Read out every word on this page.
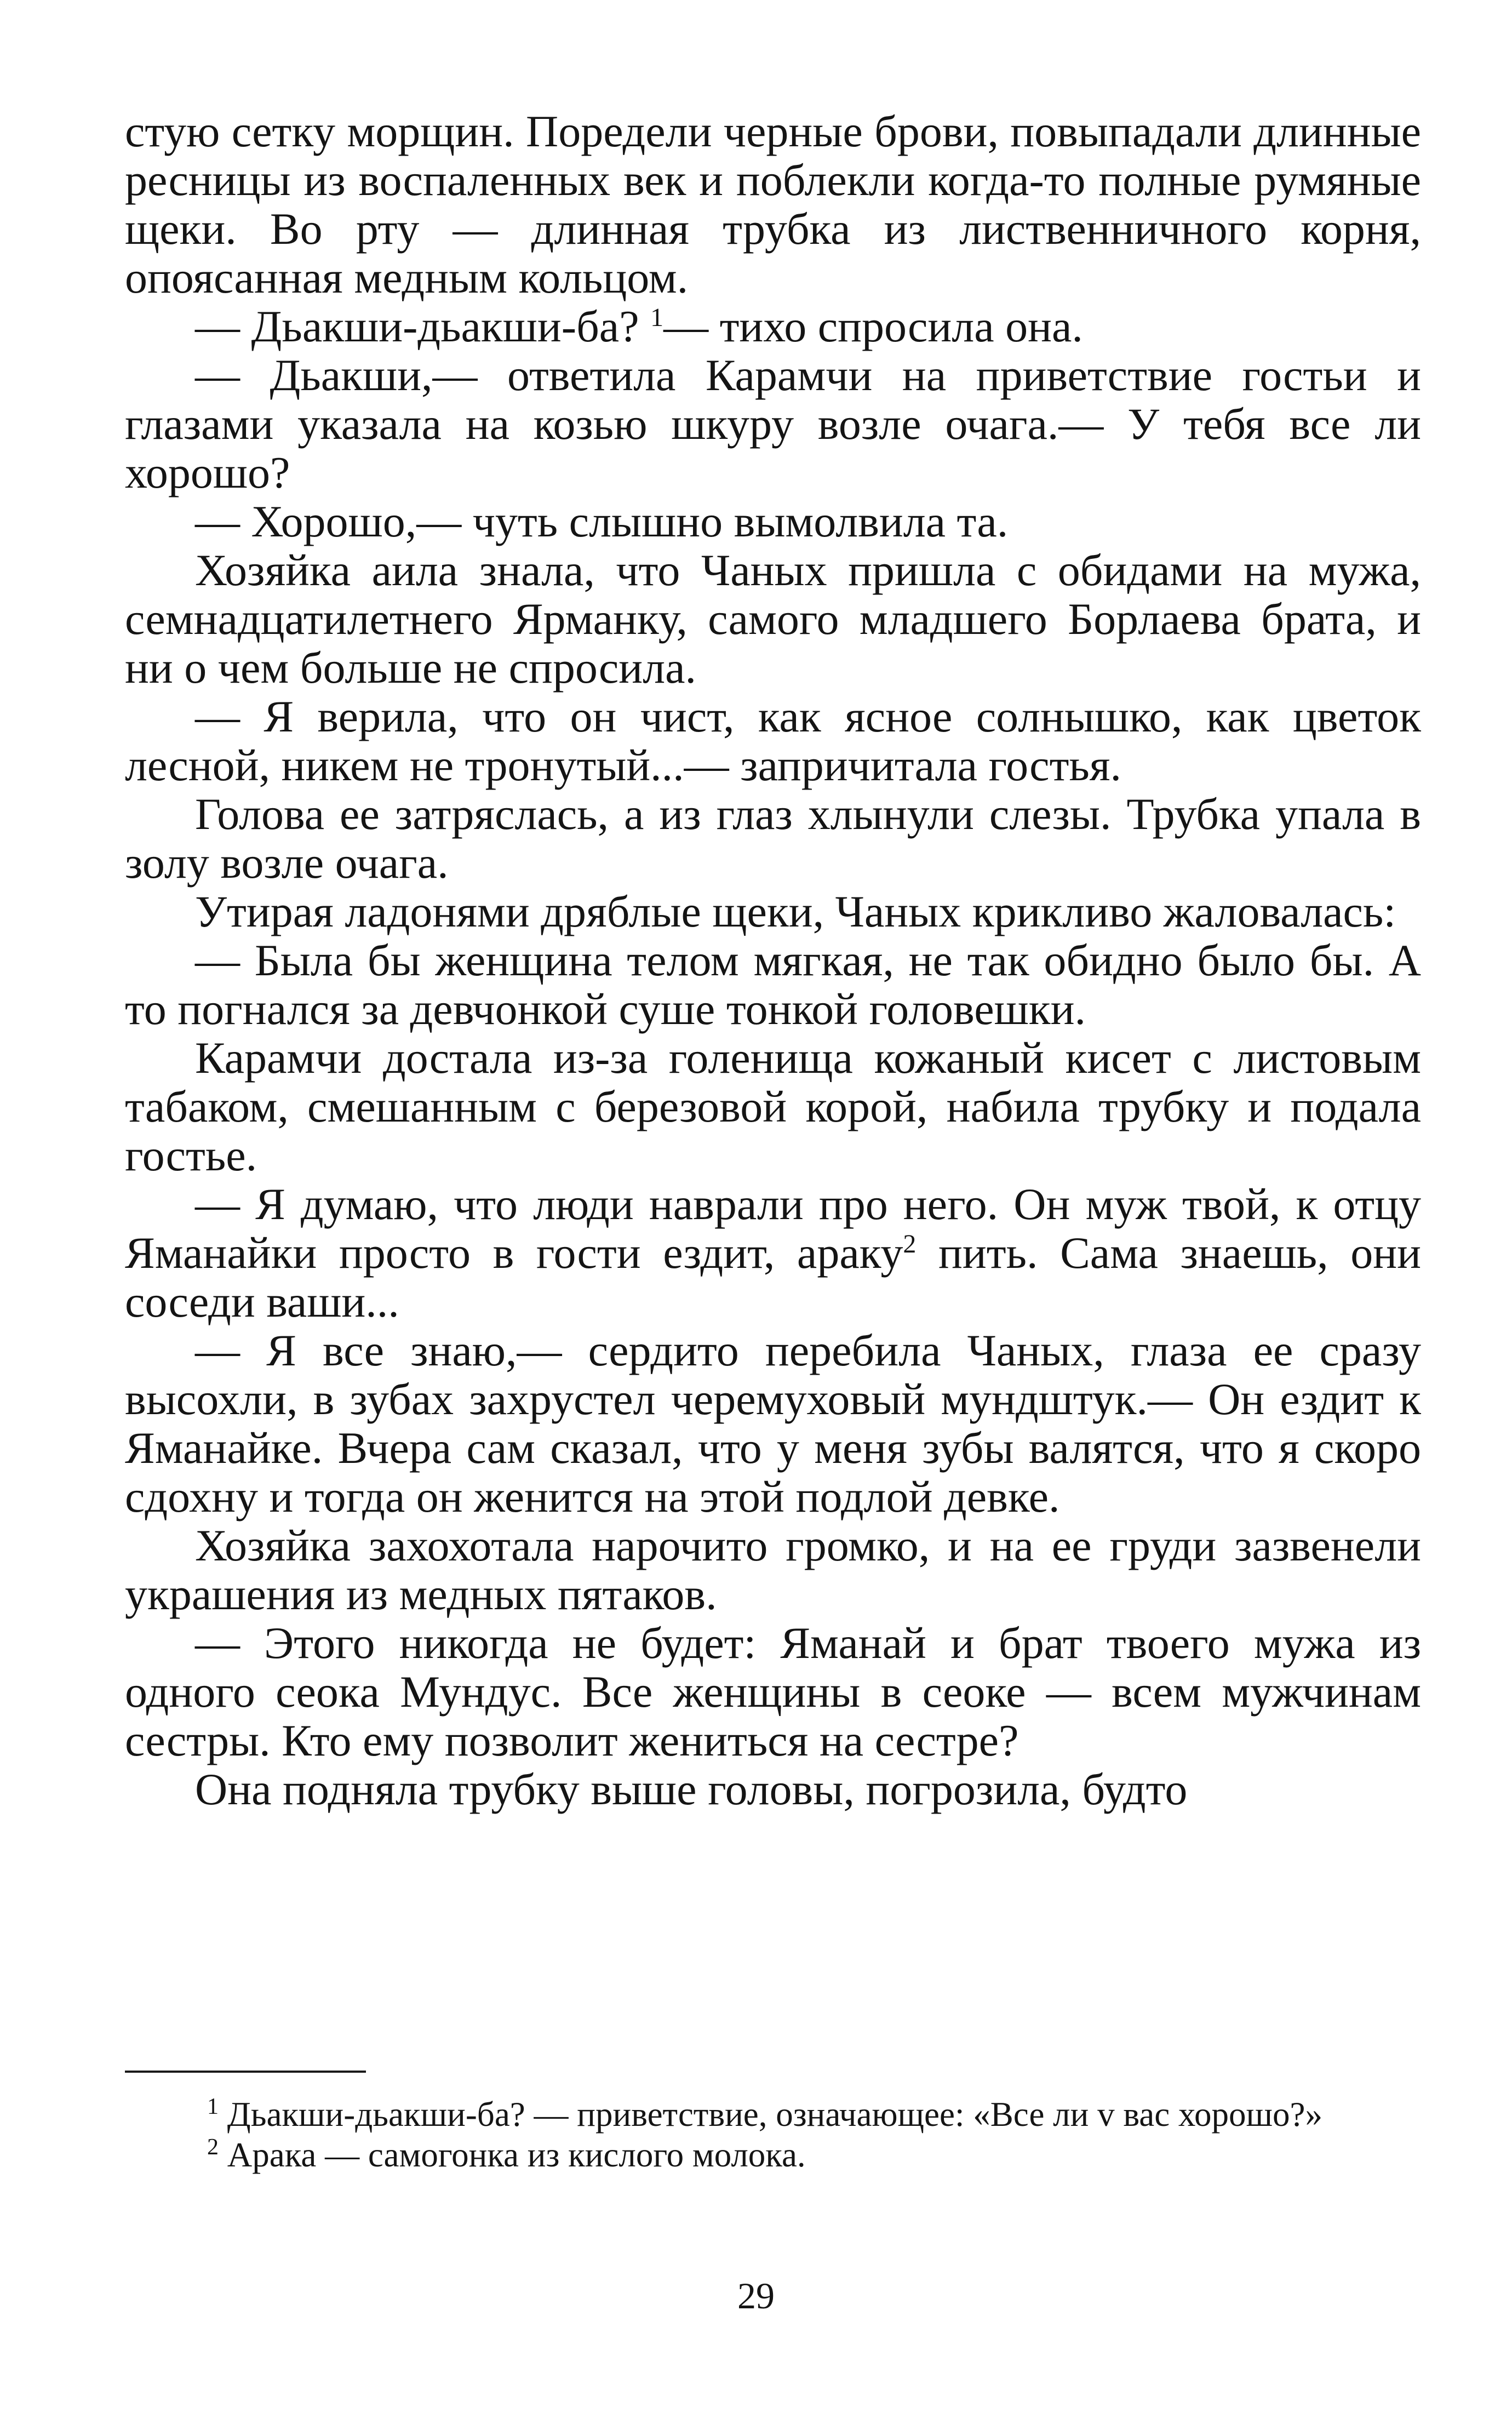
стую сетку морщин. Поредели черные брови, повыпадали длинные ресницы из воспаленных век и поблекли когда-то полные румяные щеки. Во рту — длинная трубка из лиственничного корня, опоясанная медным кольцом.

— Дьакши-дьакши-ба? $^1$— тихо спросила она.

— Дьакши,— ответила Карамчи на приветствие гостьи и глазами указала на козью шкуру возле очага.— У тебя все ли хорошо?

— Хорошо,— чуть слышно вымолвила та.

Хозяйка аила знала, что Чаных пришла с обидами на мужа, семнадцатилетнего Ярманку, самого младшего Борлаева брата, и ни о чем больше не спросила.

— Я верила, что он чист, как ясное солнышко, как цветок лесной, никем не тронутый...— запричитала гостья.

Голова ее затряслась, а из глаз хлынули слезы. Трубка упала в золу возле очага.

Утирая ладонями дряблые щеки, Чаных крикливо жаловалась:

— Была бы женщина телом мягкая, не так обидно было бы. А то погнался за девчонкой суше тонкой головешки.

Карамчи достала из-за голенища кожаный кисет с листовым табаком, смешанным с березовой корой, набила трубку и подала гостье.

— Я думаю, что люди наврали про него. Он муж твой, к отцу Яманайки просто в гости ездит, араку$^2$ пить. Сама знаешь, они соседи ваши...

— Я все знаю,— сердито перебила Чаных, глаза ее сразу высохли, в зубах захрустел черемуховый мундштук.— Он ездит к Яманайке. Вчера сам сказал, что у меня зубы валятся, что я скоро сдохну и тогда он женится на этой подлой девке.

Хозяйка захохотала нарочито громко, и на ее груди зазвенели украшения из медных пятаков.

— Этого никогда не будет: Яманай и брат твоего мужа из одного сеока Мундус. Все женщины в сеоке — всем мужчинам сестры. Кто ему позволит жениться на сестре?

Она подняла трубку выше головы, погрозила, будто

$^1$ Дьакши-дьакши-ба? — приветствие, означающее: «Все ли v вас хорошо?»

$^2$ Арака — самогонка из кислого молока.

29
